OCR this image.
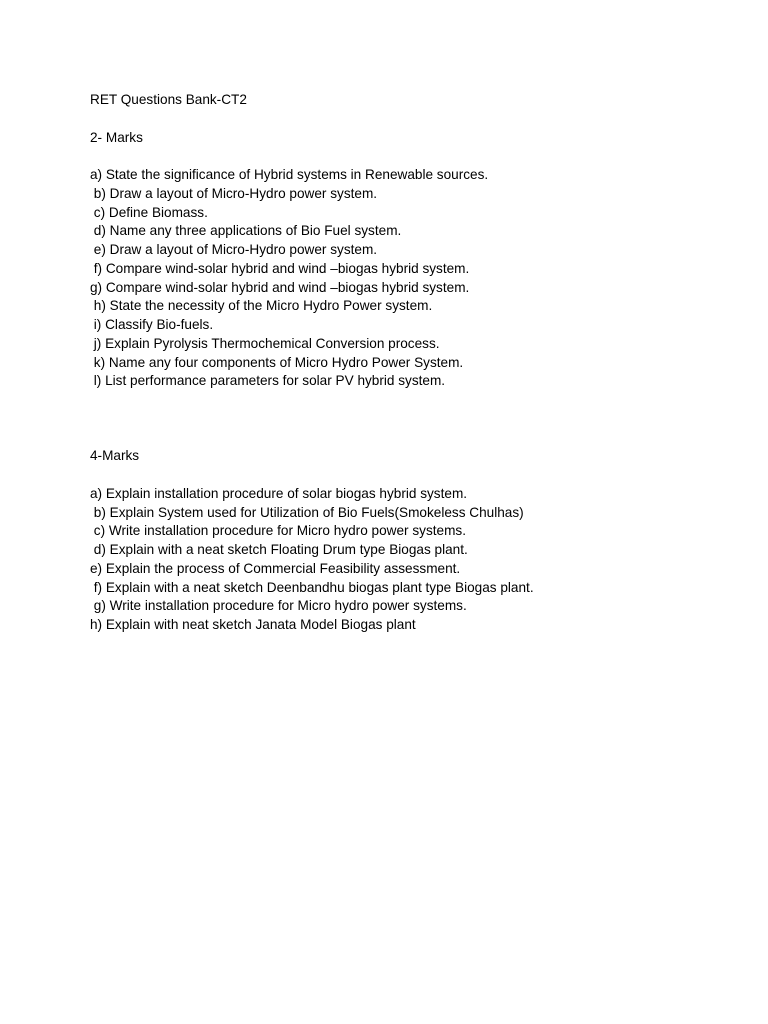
RET Questions Bank-CT2

2- Marks

a) State the significance of Hybrid systems in Renewable sources.

b) Draw a layout of Micro-Hydro power system.

c) Define Biomass.

d) Name any three applications of Bio Fuel system.

e) Draw a layout of Micro-Hydro power system.

f) Compare wind-solar hybrid and wind –biogas hybrid system.

g) Compare wind-solar hybrid and wind –biogas hybrid system.

h) State the necessity of the Micro Hydro Power system.

i) Classify Bio-fuels.

j) Explain Pyrolysis Thermochemical Conversion process.

k) Name any four components of Micro Hydro Power System.

l) List performance parameters for solar PV hybrid system.

4-Marks

a) Explain installation procedure of solar biogas hybrid system.

b) Explain System used for Utilization of Bio Fuels(Smokeless Chulhas)

c) Write installation procedure for Micro hydro power systems.

d) Explain with a neat sketch Floating Drum type Biogas plant.

e) Explain the process of Commercial Feasibility assessment.

f) Explain with a neat sketch Deenbandhu biogas plant type Biogas plant.

g) Write installation procedure for Micro hydro power systems.

h) Explain with neat sketch Janata Model Biogas plant
